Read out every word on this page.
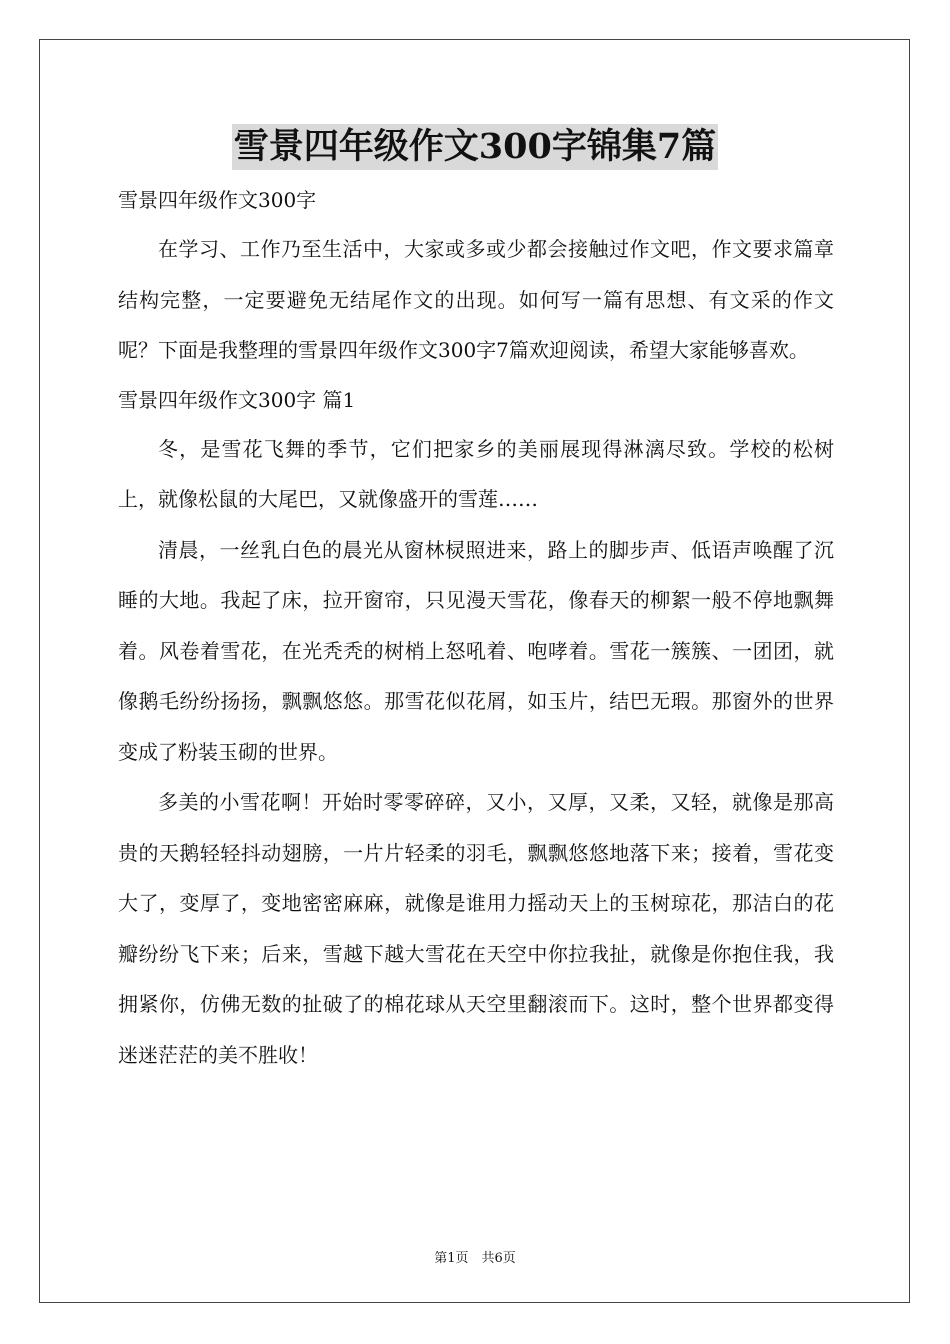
雪景四年级作文300字锦集7篇

雪景四年级作文300字

在学习、工作乃至生活中，大家或多或少都会接触过作文吧，作文要求篇章结构完整，一定要避免无结尾作文的出现。如何写一篇有思想、有文采的作文呢？下面是我整理的雪景四年级作文300字7篇欢迎阅读，希望大家能够喜欢。

雪景四年级作文300字 篇1

冬，是雪花飞舞的季节，它们把家乡的美丽展现得淋漓尽致。学校的松树上，就像松鼠的大尾巴，又就像盛开的雪莲……

清晨，一丝乳白色的晨光从窗林棂照进来，路上的脚步声、低语声唤醒了沉睡的大地。我起了床，拉开窗帘，只见漫天雪花，像春天的柳絮一般不停地飘舞着。风卷着雪花，在光秃秃的树梢上怒吼着、咆哮着。雪花一簇簇、一团团，就像鹅毛纷纷扬扬，飘飘悠悠。那雪花似花屑，如玉片，结巴无瑕。那窗外的世界变成了粉装玉砌的世界。

多美的小雪花啊！开始时零零碎碎，又小，又厚，又柔，又轻，就像是那高贵的天鹅轻轻抖动翅膀，一片片轻柔的羽毛，飘飘悠悠地落下来；接着，雪花变大了，变厚了，变地密密麻麻，就像是谁用力摇动天上的玉树琼花，那洁白的花瓣纷纷飞下来；后来，雪越下越大雪花在天空中你拉我扯，就像是你抱住我，我拥紧你，仿佛无数的扯破了的棉花球从天空里翻滚而下。这时，整个世界都变得迷迷茫茫的美不胜收！

第1页　共6页
